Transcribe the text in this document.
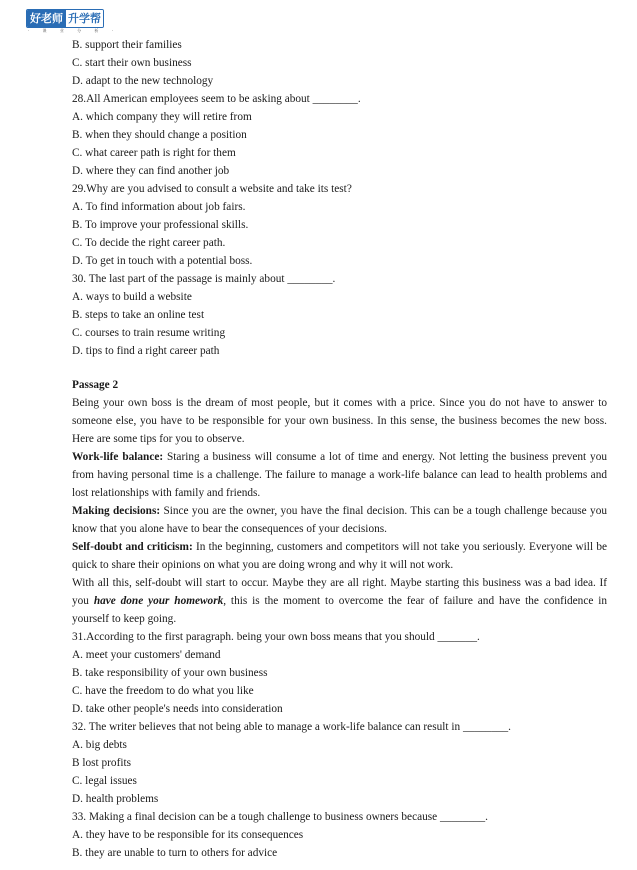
好老师 升学帮
· 课 业 分 析 ·
B. support their families
C. start their own business
D. adapt to the new technology
28.All American employees seem to be asking about ________.
A. which company they will retire from
B. when they should change a position
C. what career path is right for them
D. where they can find another job
29.Why are you advised to consult a website and take its test?
A. To find information about job fairs.
B. To improve your professional skills.
C. To decide the right career path.
D. To get in touch with a potential boss.
30. The last part of the passage is mainly about ________.
A. ways to build a website
B. steps to take an online test
C. courses to train resume writing
D. tips to find a right career path
Passage 2
Being your own boss is the dream of most people, but it comes with a price. Since you do not have to answer to someone else, you have to be responsible for your own business. In this sense, the business becomes the new boss. Here are some tips for you to observe.
Work-life balance: Staring a business will consume a lot of time and energy. Not letting the business prevent you from having personal time is a challenge. The failure to manage a work-life balance can lead to health problems and lost relationships with family and friends.
Making decisions: Since you are the owner, you have the final decision. This can be a tough challenge because you know that you alone have to bear the consequences of your decisions.
Self-doubt and criticism: In the beginning, customers and competitors will not take you seriously. Everyone will be quick to share their opinions on what you are doing wrong and why it will not work.
With all this, self-doubt will start to occur. Maybe they are all right. Maybe starting this business was a bad idea. If you have done your homework, this is the moment to overcome the fear of failure and have the confidence in yourself to keep going.
31.According to the first paragraph. being your own boss means that you should _______.
A. meet your customers' demand
B. take responsibility of your own business
C. have the freedom to do what you like
D. take other people's needs into consideration
32. The writer believes that not being able to manage a work-life balance can result in ________.
A. big debts
B lost profits
C. legal issues
D. health problems
33. Making a final decision can be a tough challenge to business owners because ________.
A. they have to be responsible for its consequences
B. they are unable to turn to others for advice
